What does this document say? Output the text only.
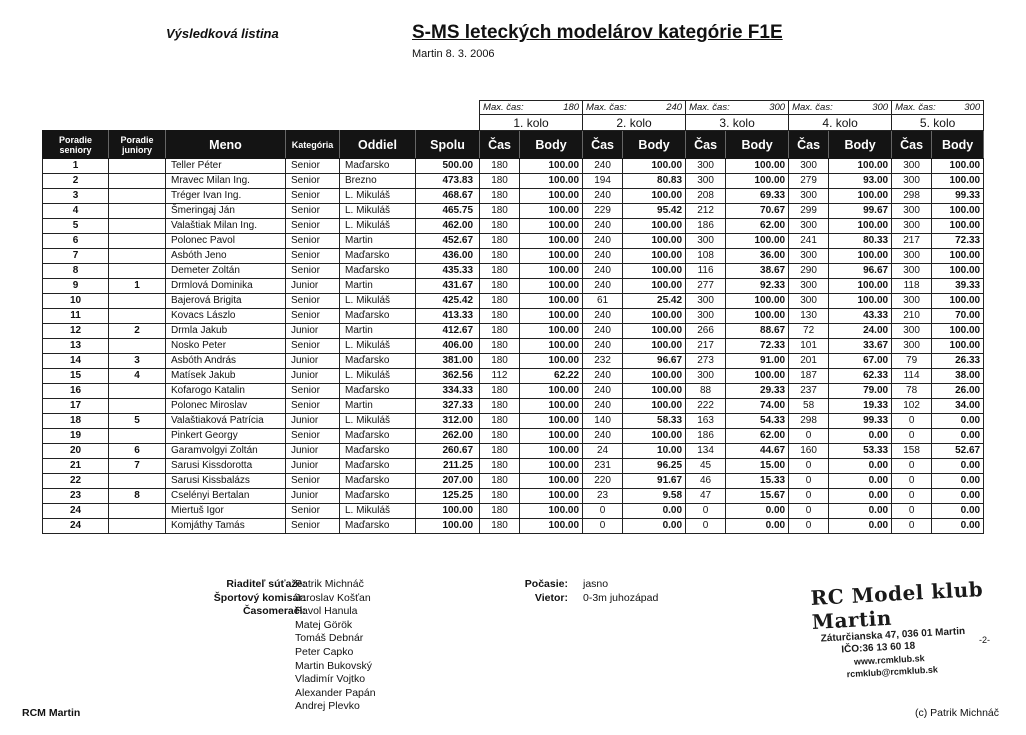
Výsledková listina	S-MS leteckých modelárov kategórie F1E
Martin 8. 3. 2006

						Max. čas: 180		Max. čas: 240		Max. čas: 300		Max. čas: 300		Max. čas: 300	

						1. kolo		2. kolo		3. kolo		4. kolo		5. kolo	
Poradie seniory	Poradie juniory	Meno	Kategória	Oddiel	Spolu	Čas	Body	Čas	Body	Čas	Body	Čas	Body	Čas	Body
1		Teller Péter	Senior	Maďarsko	500.00	180	100.00	240	100.00	300	100.00	300	100.00	300	100.00
2		Mravec Milan Ing.	Senior	Brezno	473.83	180	100.00	194	80.83	300	100.00	279	93.00	300	100.00
3		Tréger Ivan Ing.	Senior	L. Mikuláš	468.67	180	100.00	240	100.00	208	69.33	300	100.00	298	99.33
4		Šmeringaj Ján	Senior	L. Mikuláš	465.75	180	100.00	229	95.42	212	70.67	299	99.67	300	100.00
5		Valaštiak Milan Ing.	Senior	L. Mikuláš	462.00	180	100.00	240	100.00	186	62.00	300	100.00	300	100.00
6		Polonec Pavol	Senior	Martin	452.67	180	100.00	240	100.00	300	100.00	241	80.33	217	72.33
7		Asbóth Jeno	Senior	Maďarsko	436.00	180	100.00	240	100.00	108	36.00	300	100.00	300	100.00
8		Demeter Zoltán	Senior	Maďarsko	435.33	180	100.00	240	100.00	116	38.67	290	96.67	300	100.00
9	1	Drmlová Dominika	Junior	Martin	431.67	180	100.00	240	100.00	277	92.33	300	100.00	118	39.33
10		Bajerová Brigita	Senior	L. Mikuláš	425.42	180	100.00	61	25.42	300	100.00	300	100.00	300	100.00
11		Kovacs Lászlo	Senior	Maďarsko	413.33	180	100.00	240	100.00	300	100.00	130	43.33	210	70.00
12	2	Drmla Jakub	Junior	Martin	412.67	180	100.00	240	100.00	266	88.67	72	24.00	300	100.00
13		Nosko Peter	Senior	L. Mikuláš	406.00	180	100.00	240	100.00	217	72.33	101	33.67	300	100.00
14	3	Asbóth András	Junior	Maďarsko	381.00	180	100.00	232	96.67	273	91.00	201	67.00	79	26.33
15	4	Matísek Jakub	Junior	L. Mikuláš	362.56	112	62.22	240	100.00	300	100.00	187	62.33	114	38.00
16		Kofarogo Katalin	Senior	Maďarsko	334.33	180	100.00	240	100.00	88	29.33	237	79.00	78	26.00
17		Polonec Miroslav	Senior	Martin	327.33	180	100.00	240	100.00	222	74.00	58	19.33	102	34.00
18	5	Valaštiaková Patrícia	Junior	L. Mikuláš	312.00	180	100.00	140	58.33	163	54.33	298	99.33	0	0.00
19		Pinkert Georgy	Senior	Maďarsko	262.00	180	100.00	240	100.00	186	62.00	0	0.00	0	0.00
20	6	Garamvolgyi Zoltán	Junior	Maďarsko	260.67	180	100.00	24	10.00	134	44.67	160	53.33	158	52.67
21	7	Sarusi Kissdorotta	Junior	Maďarsko	211.25	180	100.00	231	96.25	45	15.00	0	0.00	0	0.00
22		Sarusi Kissbalázs	Senior	Maďarsko	207.00	180	100.00	220	91.67	46	15.33	0	0.00	0	0.00
23	8	Cselényi Bertalan	Junior	Maďarsko	125.25	180	100.00	23	9.58	47	15.67	0	0.00	0	0.00
24		Miertuš Igor	Senior	L. Mikuláš	100.00	180	100.00	0	0.00	0	0.00	0	0.00	0	0.00
24		Komjáthy Tamás	Senior	Maďarsko	100.00	180	100.00	0	0.00	0	0.00	0	0.00	0	0.00
Riaditeľ súťaže:
Športový komisár:
Časomerači:
Patrik Michnáč
Jaroslav Košťan
Pavol Hanula
Matej Görök
Tomáš Debnár
Peter Capko
Martin Bukovský
Vladimír Vojtko
Alexander Papán
Andrej Plevko
Počasie:
Vietor:
jasno
0-3m juhozápad	RC Model klub Martin
Záturčianska 47, 036 01 Martin
IČO:36 13 60 18
www.rcmklub.sk
rcmklub@rcmklub.sk
-2-
RCM Martin	(c) Patrik Michnáč
